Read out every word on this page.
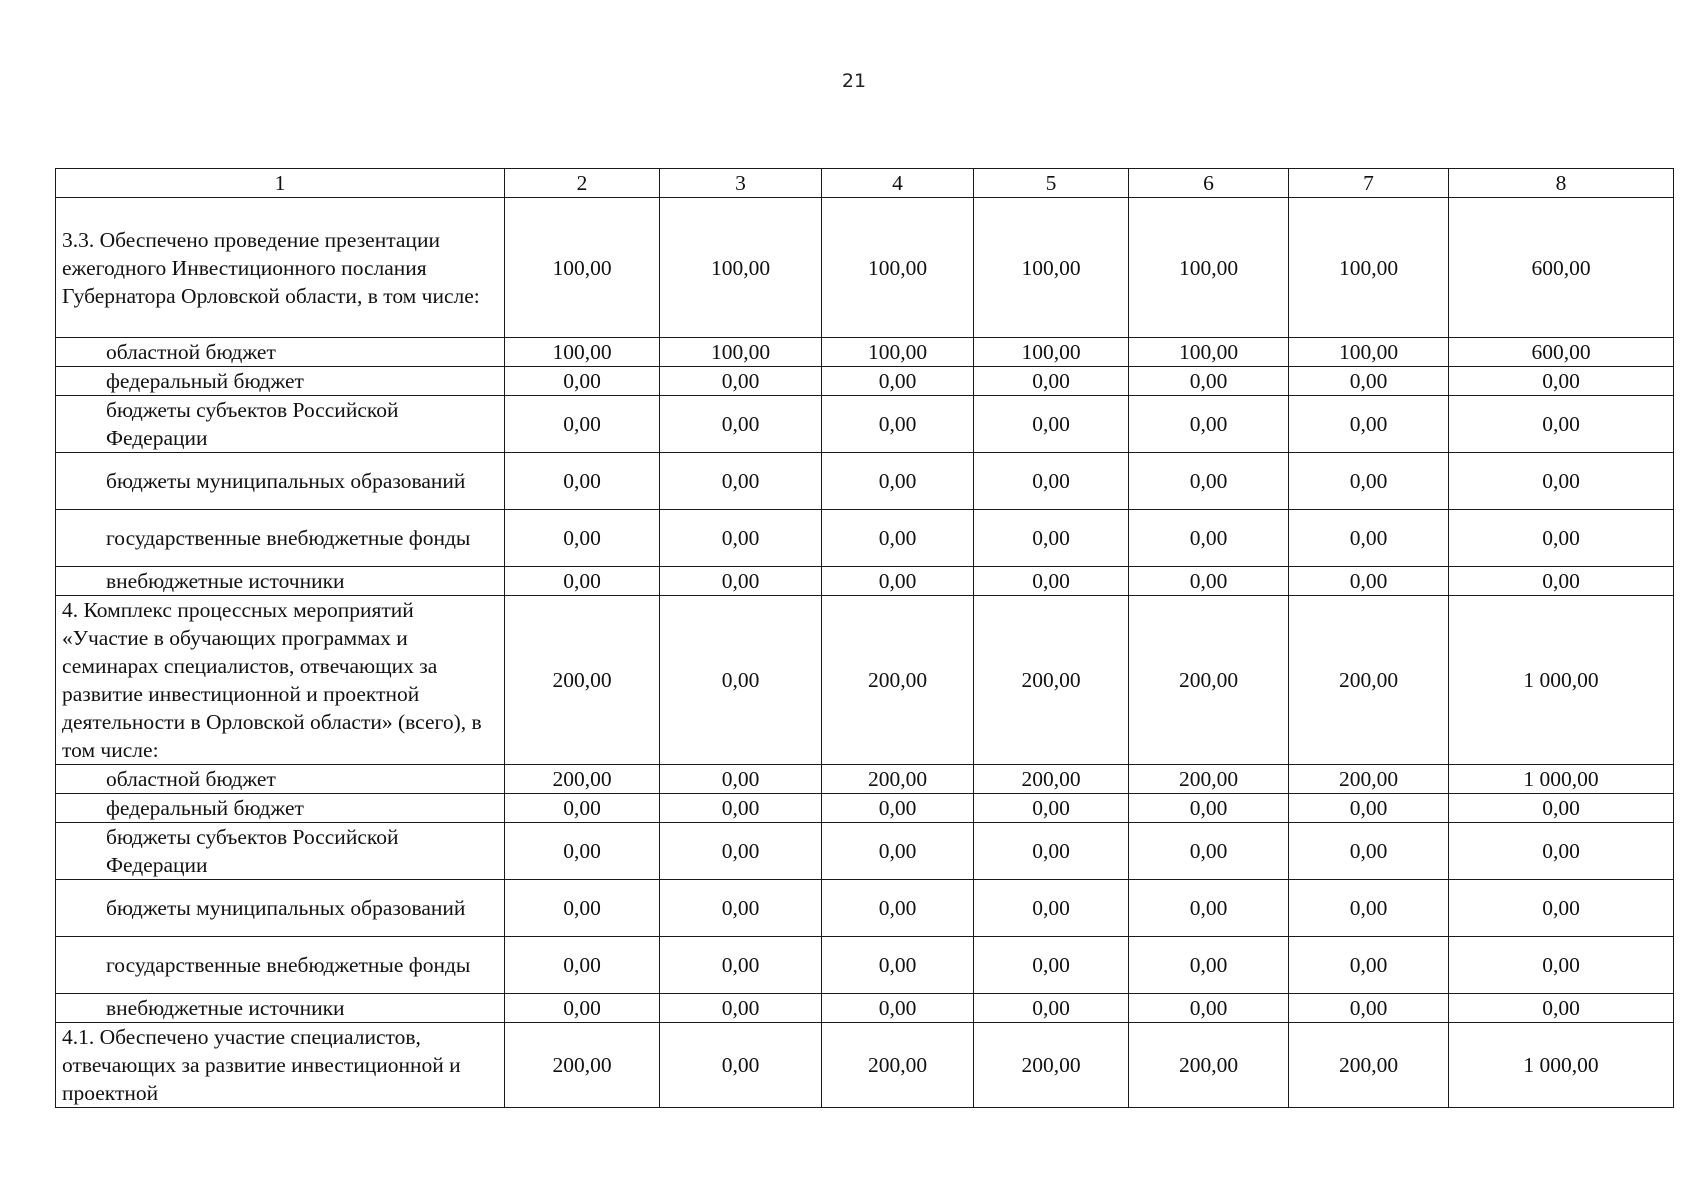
21
1	2	3	4	5	6	7	8
3.3. Обеспечено проведение презентации ежегодного Инвестиционного послания Губернатора Орловской области, в том числе:	100,00	100,00	100,00	100,00	100,00	100,00	600,00
областной бюджет	100,00	100,00	100,00	100,00	100,00	100,00	600,00
федеральный бюджет	0,00	0,00	0,00	0,00	0,00	0,00	0,00
бюджеты субъектов Российской Федерации	0,00	0,00	0,00	0,00	0,00	0,00	0,00
бюджеты муниципальных образований	0,00	0,00	0,00	0,00	0,00	0,00	0,00
государственные внебюджетные фонды	0,00	0,00	0,00	0,00	0,00	0,00	0,00
внебюджетные источники	0,00	0,00	0,00	0,00	0,00	0,00	0,00
4. Комплекс процессных мероприятий «Участие в обучающих программах и семинарах специалистов, отвечающих за развитие инвестиционной и проектной деятельности в Орловской области» (всего), в том числе:	200,00	0,00	200,00	200,00	200,00	200,00	1 000,00
областной бюджет	200,00	0,00	200,00	200,00	200,00	200,00	1 000,00
федеральный бюджет	0,00	0,00	0,00	0,00	0,00	0,00	0,00
бюджеты субъектов Российской Федерации	0,00	0,00	0,00	0,00	0,00	0,00	0,00
бюджеты муниципальных образований	0,00	0,00	0,00	0,00	0,00	0,00	0,00
государственные внебюджетные фонды	0,00	0,00	0,00	0,00	0,00	0,00	0,00
внебюджетные источники	0,00	0,00	0,00	0,00	0,00	0,00	0,00
4.1. Обеспечено участие специалистов, отвечающих за развитие инвестиционной и проектной	200,00	0,00	200,00	200,00	200,00	200,00	1 000,00
